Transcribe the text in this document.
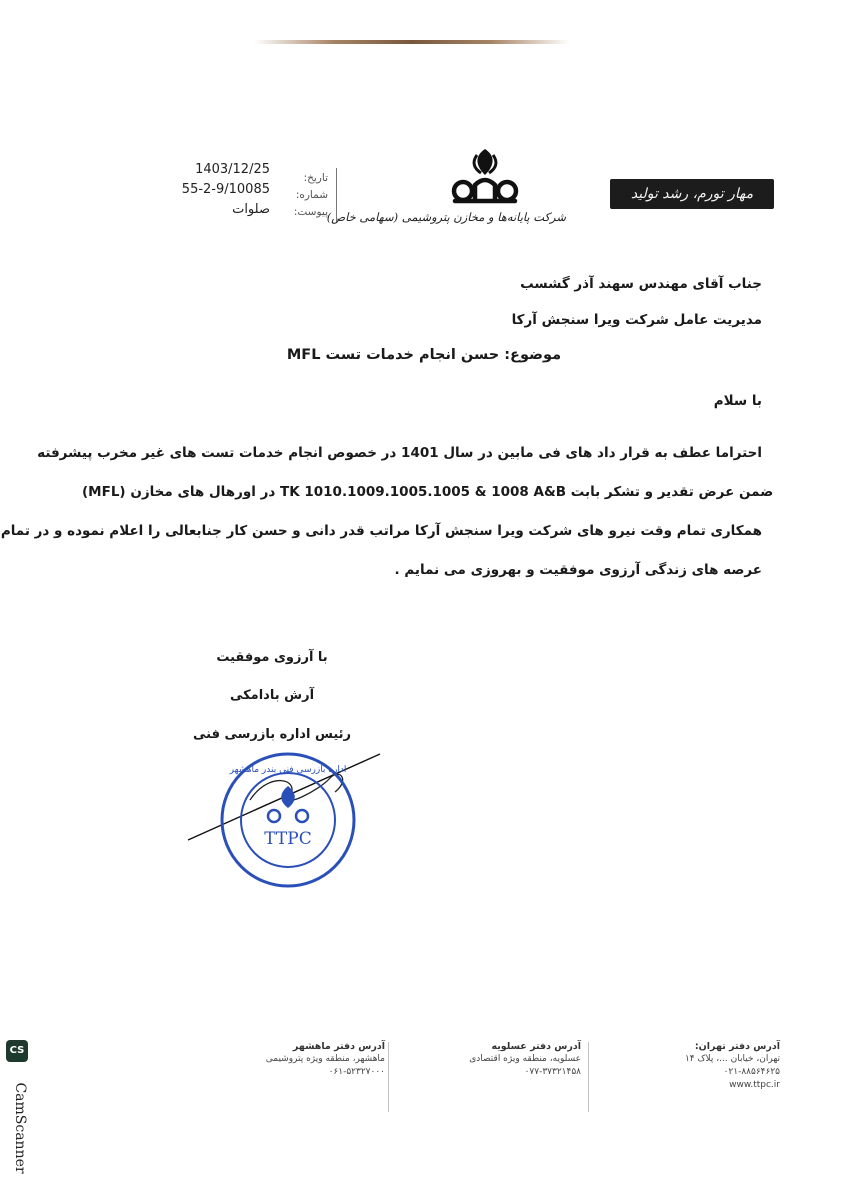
1403/12/25
55-2-9/10085
صلوات
تاریخ:
شماره:
پیوست:
شرکت پایانه‌ها و مخازن پتروشیمی (سهامی خاص)
مهار تورم، رشد تولید
جناب آقای مهندس سهند آذر گشسب
مدیریت عامل شرکت ویرا سنجش آرکا
موضوع: حسن انجام خدمات تست MFL
با سلام
احتراما عطف به قرار داد های فی مابین در سال 1401 در خصوص انجام خدمات تست های غیر مخرب پیشرفته
(MFL) در اورهال های مخازن TK 1010.1009.1005.1005 & 1008 A&B ضمن عرض تقدیر و تشکر بابت
همکاری تمام وقت نیرو های شرکت ویرا سنجش آرکا مراتب قدر دانی و حسن کار جنابعالی را اعلام نموده و در تمام
عرصه های زندگی آرزوی موفقیت و بهروزی می نمایم .
با آرزوی موفقیت
آرش بادامکی
رئیس اداره بازرسی فنی
اداره بازرسی فنی بندر ماهشهر
TTPC
آدرس دفتر تهران:
تهران، خیابان ...، پلاک ۱۴
۰۲۱-۸۸۵۶۴۶۲۵
www.ttpc.ir
آدرس دفتر عسلویه
عسلویه، منطقه ویژه اقتصادی
۰۷۷-۳۷۳۲۱۴۵۸
آدرس دفتر ماهشهر
ماهشهر، منطقه ویژه پتروشیمی
۰۶۱-۵۲۳۲۷۰۰۰
CS
CamScanner
